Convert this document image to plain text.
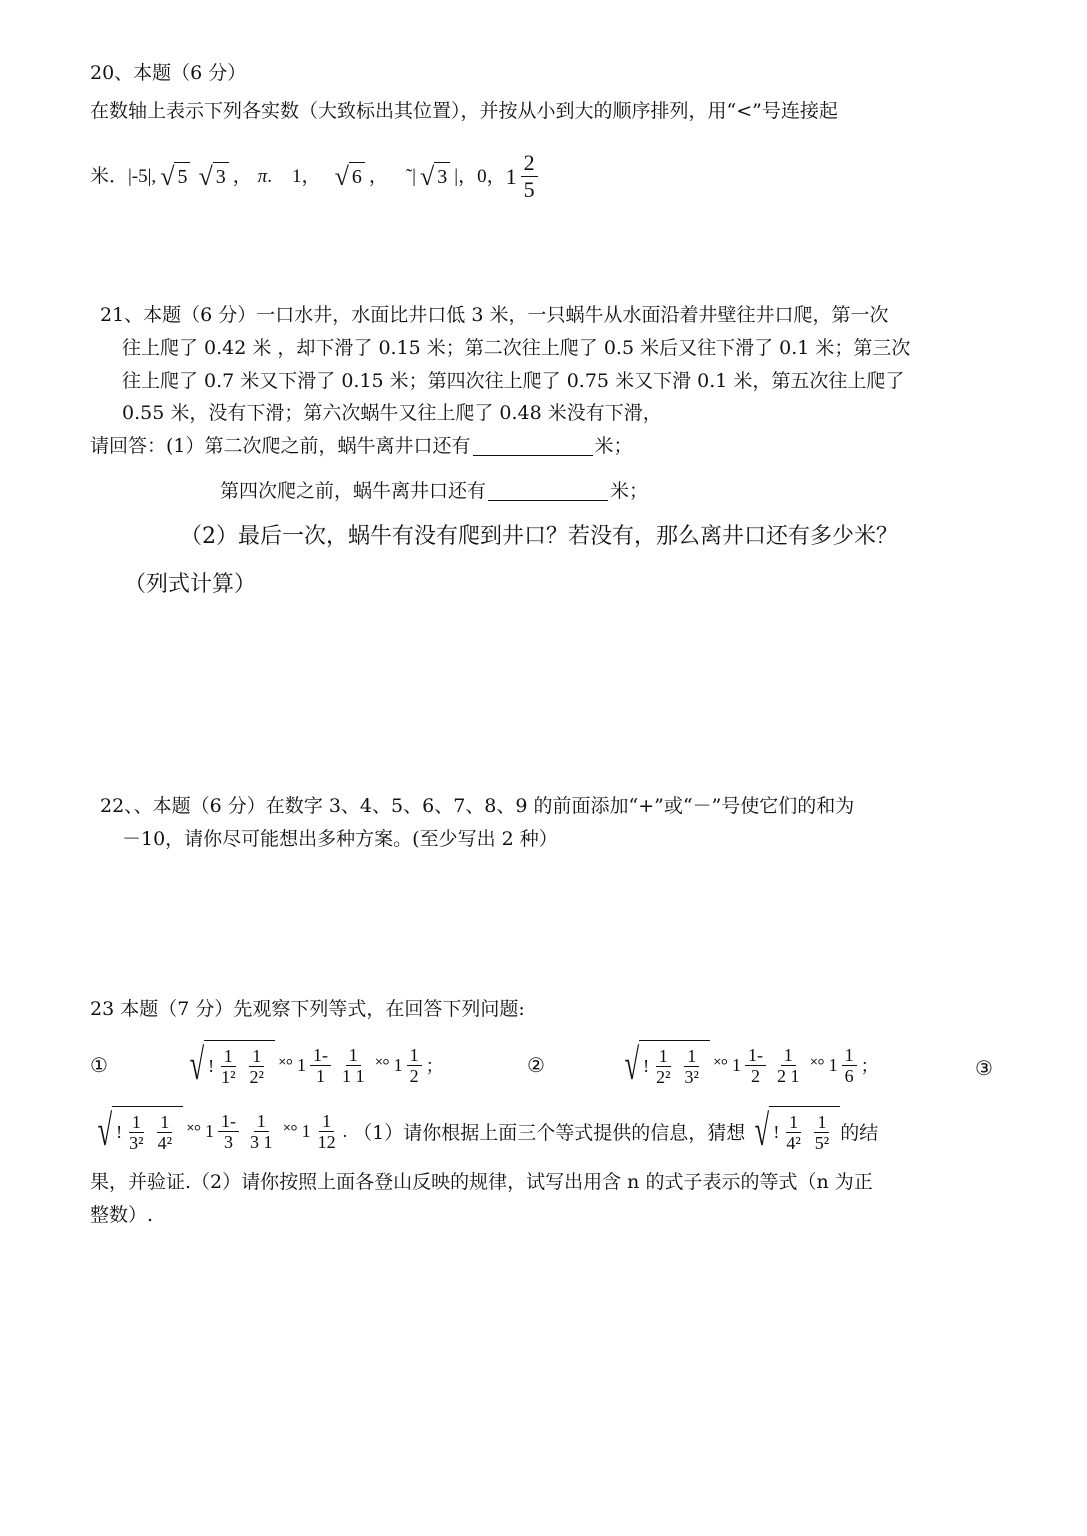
20、本题（6 分）
在数轴上表示下列各实数（大致标出其位置），并按从小到大的顺序排列，用“<”号连接起
米．|-5|, √ 5 √ 3 ， π . 1， √ 6 ， ˜| √ 3 |，0， $1 \frac{2}{5}$
21、本题（6 分）一口水井，水面比井口低 3 米，一只蜗牛从水面沿着井壁往井口爬，第一次
往上爬了 0.42 米 ，却下滑了 0.15 米；第二次往上爬了 0.5 米后又往下滑了 0.1 米；第三次
往上爬了 0.7 米又下滑了 0.15 米；第四次往上爬了 0.75 米又下滑 0.1 米，第五次往上爬了
0.55 米，没有下滑；第六次蜗牛又往上爬了 0.48 米没有下滑，
请回答：(1）第二次爬之前，蜗牛离井口还有	米；
第四次爬之前，蜗牛离井口还有	米；
（2）最后一次，蜗牛有没有爬到井口？若没有，那么离井口还有多少米？
（列式计算）
22、、本题（6 分）在数字 3、4、5、6、7、8、9 的前面添加“+”或“－”号使它们的和为
－10，请你尽可能想出多种方案。(至少写出 2 种）
23 本题（7 分）先观察下列等式，在回答下列问题:
① √ ! $\frac{1}{\text{1²}} \frac{1}{\text{2²}}$ ˟° $1 \frac{1-}{1} \frac{1}{1 1}$ ˟° $1 \frac{1}{2}$ ；	② √ ! $\frac{1}{\text{2²}} \frac{1}{\text{3²}}$ ˟° $1 \frac{1-}{2} \frac{1}{2 1}$ ˟° $1 \frac{1}{6}$ ；	③
√ ! $\frac{1}{\text{3²}} \frac{1}{\text{4²}}$ ˟° $1 \frac{1-}{3} \frac{1}{3 1}$ ˟° $1 \frac{1}{12}$ . （1）请你根据上面三个等式提供的信息，猜想 √ ! $\frac{1}{\text{4²}} \frac{1}{\text{5²}}$ 的结
果，并验证.（2）请你按照上面各登山反映的规律，试写出用含 n 的式子表示的等式（n 为正
整数）.
